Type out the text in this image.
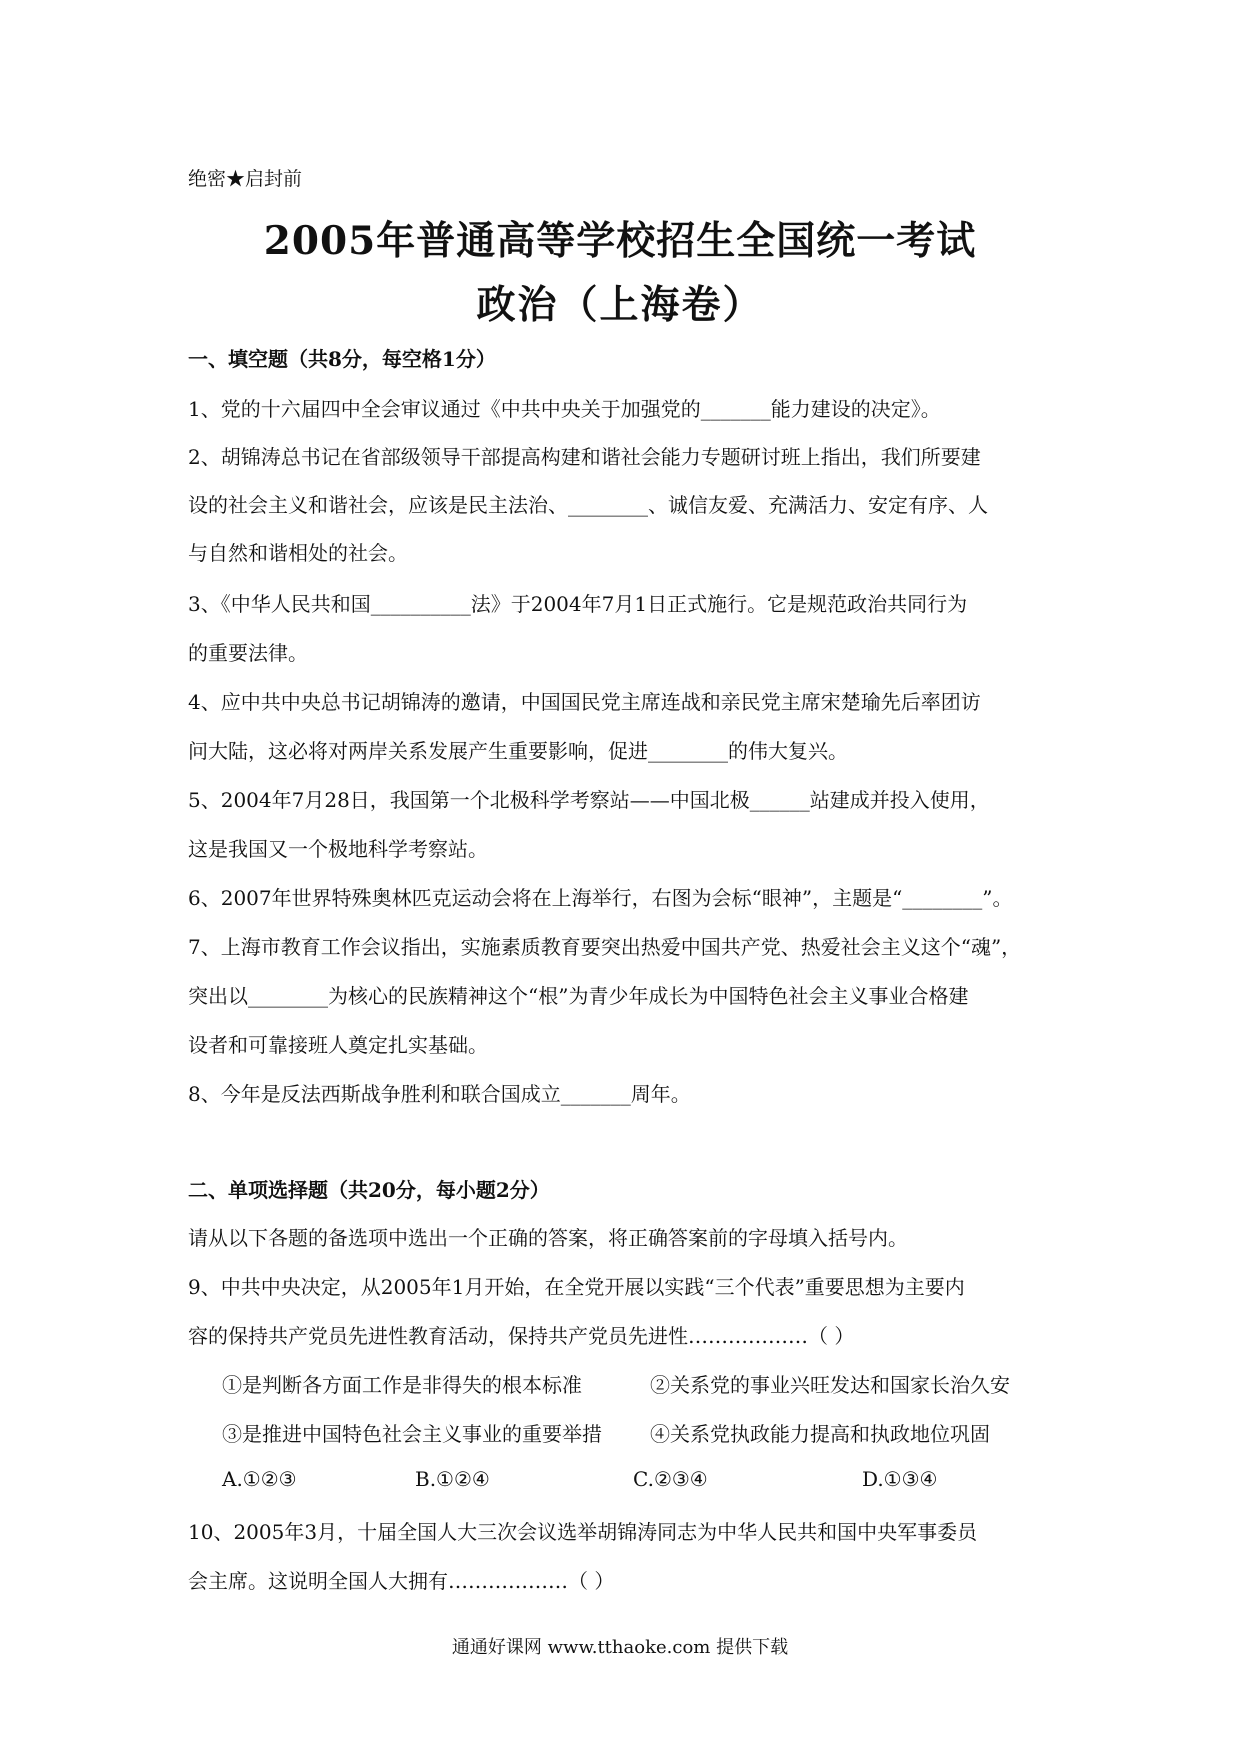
绝密★启封前
2005年普通高等学校招生全国统一考试
政治（上海卷）
一、填空题（共8分，每空格1分）
1、党的十六届四中全会审议通过《中共中央关于加强党的_______能力建设的决定》。
2、胡锦涛总书记在省部级领导干部提高构建和谐社会能力专题研讨班上指出，我们所要建
设的社会主义和谐社会，应该是民主法治、________、诚信友爱、充满活力、安定有序、人
与自然和谐相处的社会。
3、《中华人民共和国__________法》于2004年7月1日正式施行。它是规范政治共同行为
的重要法律。
4、应中共中央总书记胡锦涛的邀请，中国国民党主席连战和亲民党主席宋楚瑜先后率团访
问大陆，这必将对两岸关系发展产生重要影响，促进________的伟大复兴。
5、2004年7月28日，我国第一个北极科学考察站——中国北极______站建成并投入使用，
这是我国又一个极地科学考察站。
6、2007年世界特殊奥林匹克运动会将在上海举行，右图为会标“眼神”，主题是“________”。
7、上海市教育工作会议指出，实施素质教育要突出热爱中国共产党、热爱社会主义这个“魂”，
突出以________为核心的民族精神这个“根”为青少年成长为中国特色社会主义事业合格建
设者和可靠接班人奠定扎实基础。
8、今年是反法西斯战争胜利和联合国成立_______周年。
二、单项选择题（共20分，每小题2分）
请从以下各题的备选项中选出一个正确的答案，将正确答案前的字母填入括号内。
9、中共中央决定，从2005年1月开始，在全党开展以实践“三个代表”重要思想为主要内
容的保持共产党员先进性教育活动，保持共产党员先进性………………（ ）
①是判断各方面工作是非得失的根本标准	②关系党的事业兴旺发达和国家长治久安
③是推进中国特色社会主义事业的重要举措 ④关系党执政能力提高和执政地位巩固
A.①②③	B.①②④	C.②③④	D.①③④
10、2005年3月，十届全国人大三次会议选举胡锦涛同志为中华人民共和国中央军事委员
会主席。这说明全国人大拥有………………（ ）
通通好课网 www.tthaoke.com 提供下载
